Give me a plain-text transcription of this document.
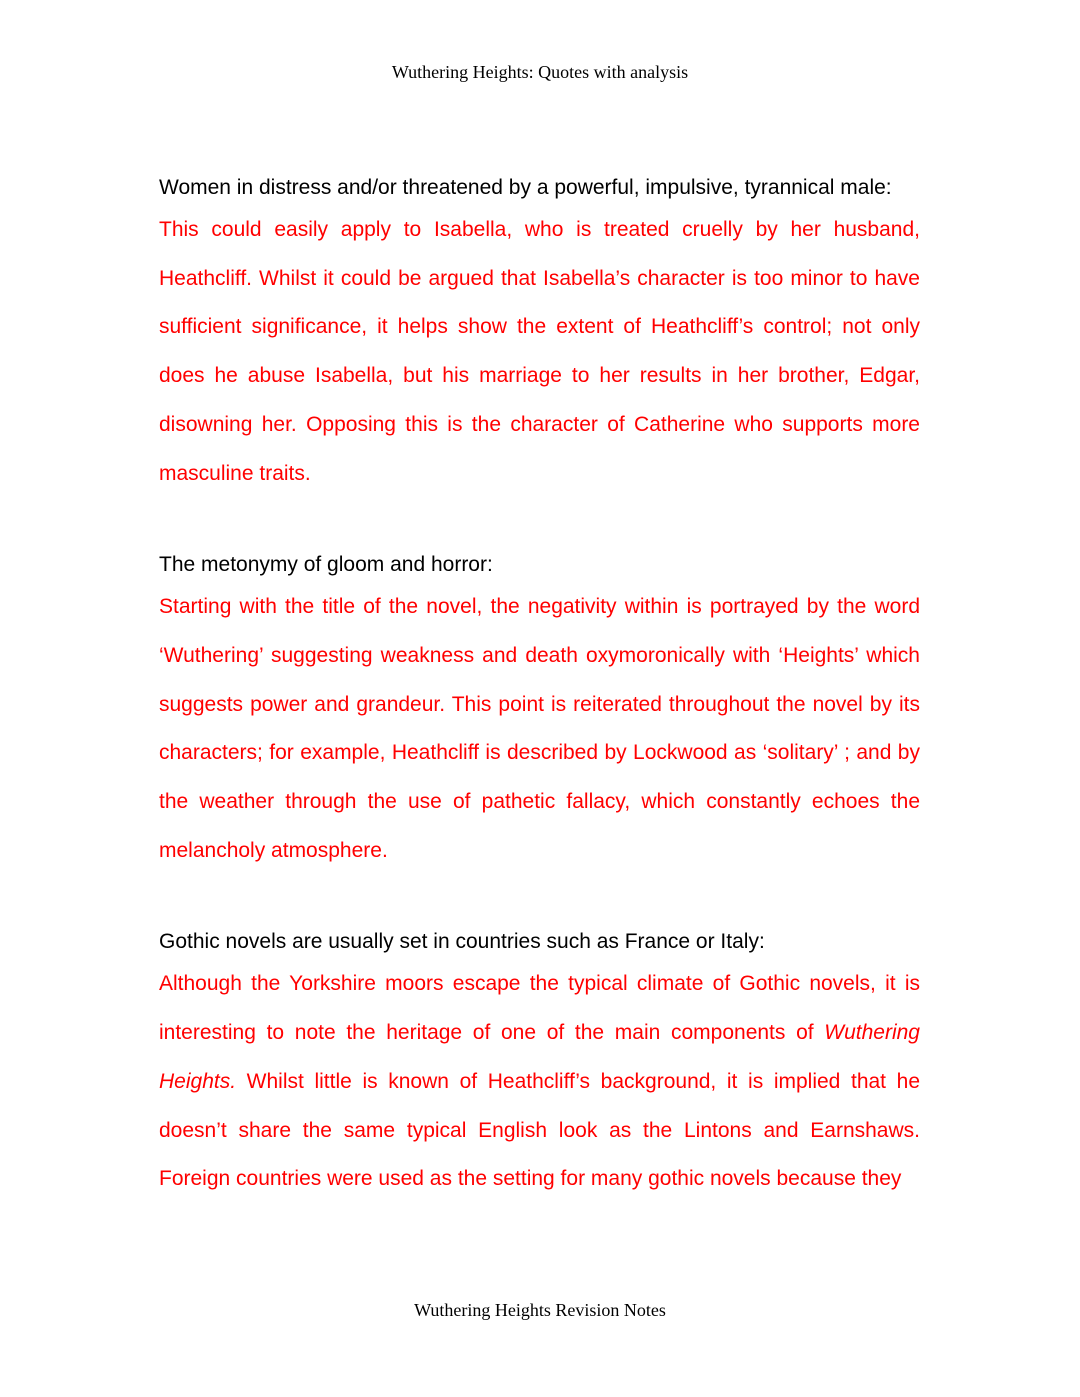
Wuthering Heights: Quotes with analysis

Women in distress and/or threatened by a powerful, impulsive, tyrannical male:

This could easily apply to Isabella, who is treated cruelly by her husband, Heathcliff. Whilst it could be argued that Isabella’s character is too minor to have sufficient significance, it helps show the extent of Heathcliff’s control; not only does he abuse Isabella, but his marriage to her results in her brother, Edgar, disowning her. Opposing this is the character of Catherine who supports more masculine traits.

The metonymy of gloom and horror:

Starting with the title of the novel, the negativity within is portrayed by the word ‘Wuthering’ suggesting weakness and death oxymoronically with ‘Heights’ which suggests power and grandeur. This point is reiterated throughout the novel by its characters; for example, Heathcliff is described by Lockwood as ‘solitary’ ; and by the weather through the use of pathetic fallacy, which constantly echoes the melancholy atmosphere.

Gothic novels are usually set in countries such as France or Italy:

Although the Yorkshire moors escape the typical climate of Gothic novels, it is interesting to note the heritage of one of the main components of Wuthering Heights. Whilst little is known of Heathcliff’s background, it is implied that he doesn’t share the same typical English look as the Lintons and Earnshaws. Foreign countries were used as the setting for many gothic novels because they

Wuthering Heights Revision Notes
